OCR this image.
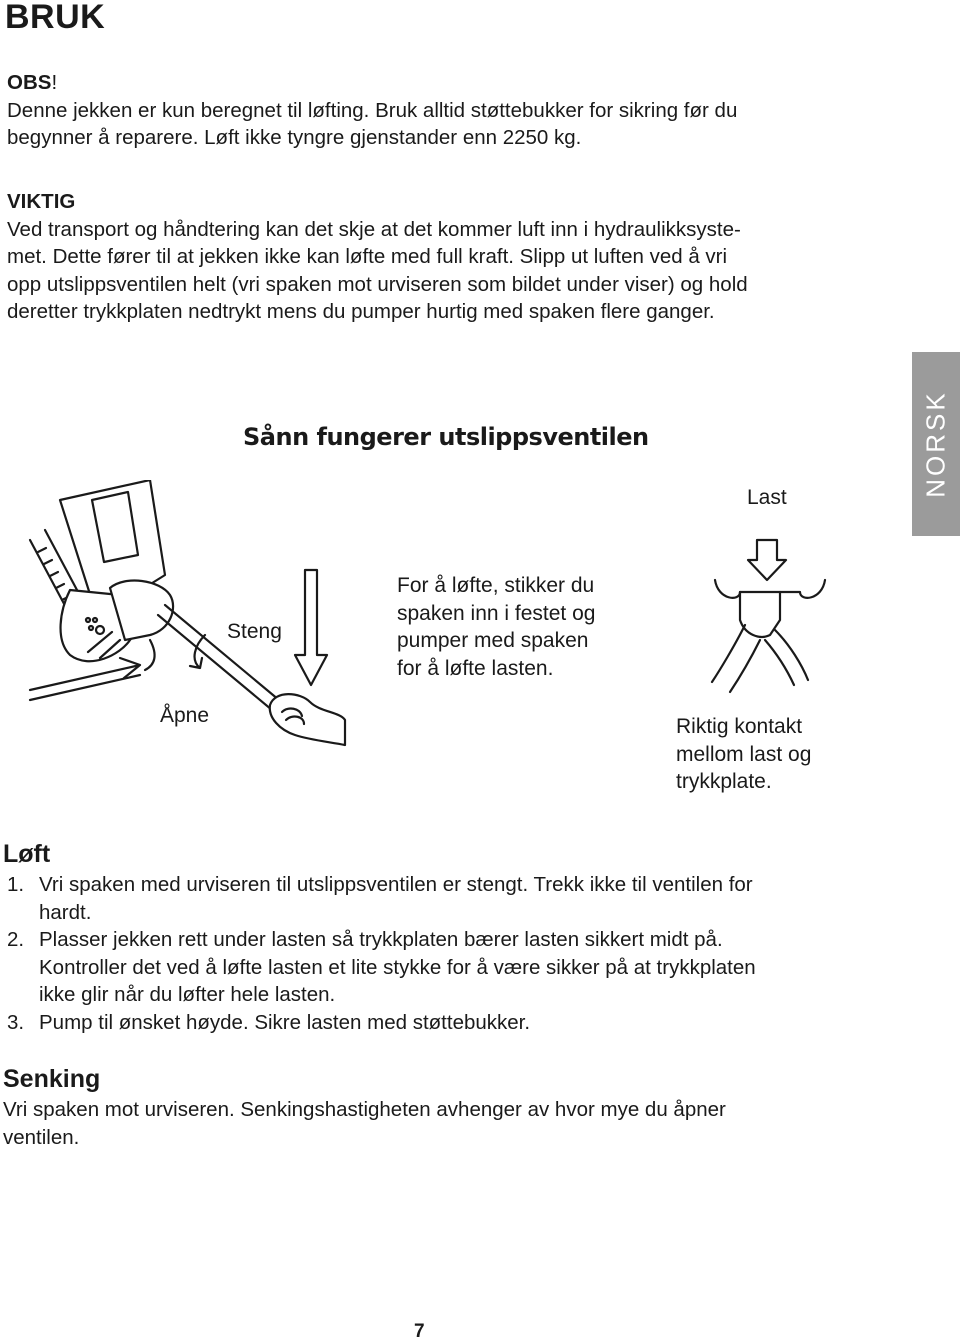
BRUK
OBS!
Denne jekken er kun beregnet til løfting. Bruk alltid støttebukker for sikring før du
begynner å reparere. Løft ikke tyngre gjenstander enn 2250 kg.
VIKTIG
Ved transport og håndtering kan det skje at det kommer luft inn i hydraulikksyste-
met. Dette fører til at jekken ikke kan løfte med full kraft. Slipp ut luften ved å vri
opp utslippsventilen helt (vri spaken mot urviseren som bildet under viser) og hold
deretter trykkplaten nedtrykt mens du pumper hurtig med spaken flere ganger.
NORSK
Sånn fungerer utslippsventilen
Last
Steng
Åpne
For å løfte, stikker du
spaken inn i festet og
pumper med spaken
for å løfte lasten.
Riktig kontakt
mellom last og
trykkplate.
Løft
1. Vri spaken med urviseren til utslippsventilen er stengt. Trekk ikke til ventilen for
hardt.
2. Plasser jekken rett under lasten så trykkplaten bærer lasten sikkert midt på.
Kontroller det ved å løfte lasten et lite stykke for å være sikker på at trykkplaten
ikke glir når du løfter hele lasten.
3. Pump til ønsket høyde. Sikre lasten med støttebukker.
Senking
Vri spaken mot urviseren. Senkingshastigheten avhenger av hvor mye du åpner
ventilen.
7
